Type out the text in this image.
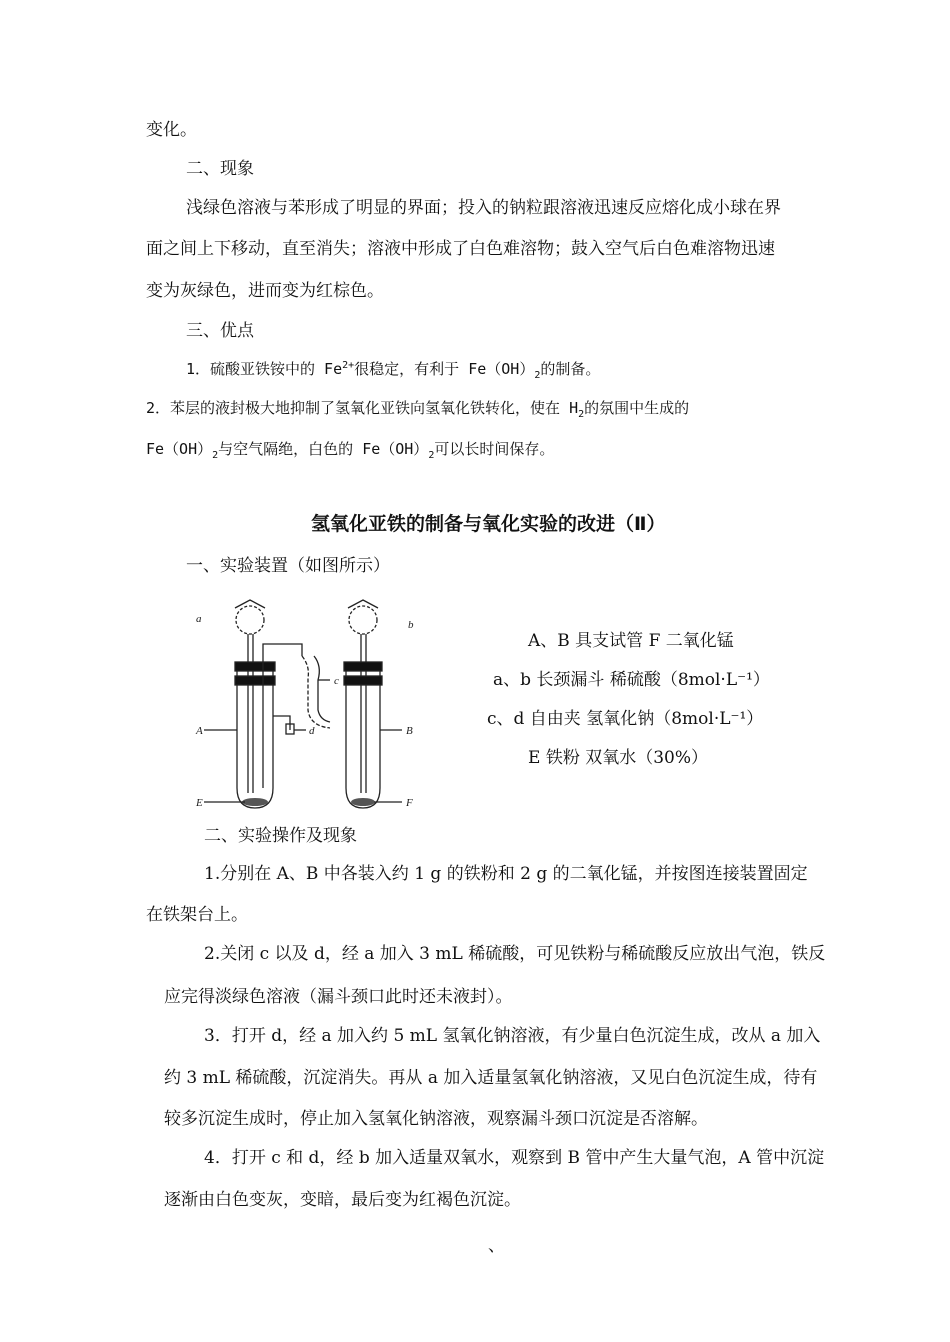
变化。
二、现象
浅绿色溶液与苯形成了明显的界面；投入的钠粒跟溶液迅速反应熔化成小球在界
面之间上下移动，直至消失；溶液中形成了白色难溶物；鼓入空气后白色难溶物迅速
变为灰绿色，进而变为红棕色。
三、优点
1．硫酸亚铁铵中的 $Fe^{2+}$很稳定，有利于 $Fe(OH)_2$的制备。
2．苯层的液封极大地抑制了氢氧化亚铁向氢氧化铁转化，使在 $H_2$的氛围中生成的
$Fe(OH)_2$与空气隔绝，白色的 $Fe(OH)_2$可以长时间保存。
氢氧化亚铁的制备与氧化实验的改进（Ⅱ）
一、实验装置（如图所示）
a	b
c
d
A	B
E	F
A、B 具支试管 F 二氧化锰
a、b 长颈漏斗 稀硫酸（8mol·L⁻¹）
c、d 自由夹 氢氧化钠（8mol·L⁻¹）
E 铁粉 双氧水（30%）
二、实验操作及现象
1.分别在 A、B 中各装入约 1 g 的铁粉和 2 g 的二氧化锰，并按图连接装置固定
在铁架台上。
2.关闭 c 以及 d，经 a 加入 3 mL 稀硫酸，可见铁粉与稀硫酸反应放出气泡，铁反
应完得淡绿色溶液（漏斗颈口此时还未液封）。
3．打开 d，经 a 加入约 5 mL 氢氧化钠溶液，有少量白色沉淀生成，改从 a 加入
约 3 mL 稀硫酸，沉淀消失。再从 a 加入适量氢氧化钠溶液，又见白色沉淀生成，待有
较多沉淀生成时，停止加入氢氧化钠溶液，观察漏斗颈口沉淀是否溶解。
4．打开 c 和 d，经 b 加入适量双氧水，观察到 B 管中产生大量气泡，A 管中沉淀
逐渐由白色变灰，变暗，最后变为红褐色沉淀。
、
